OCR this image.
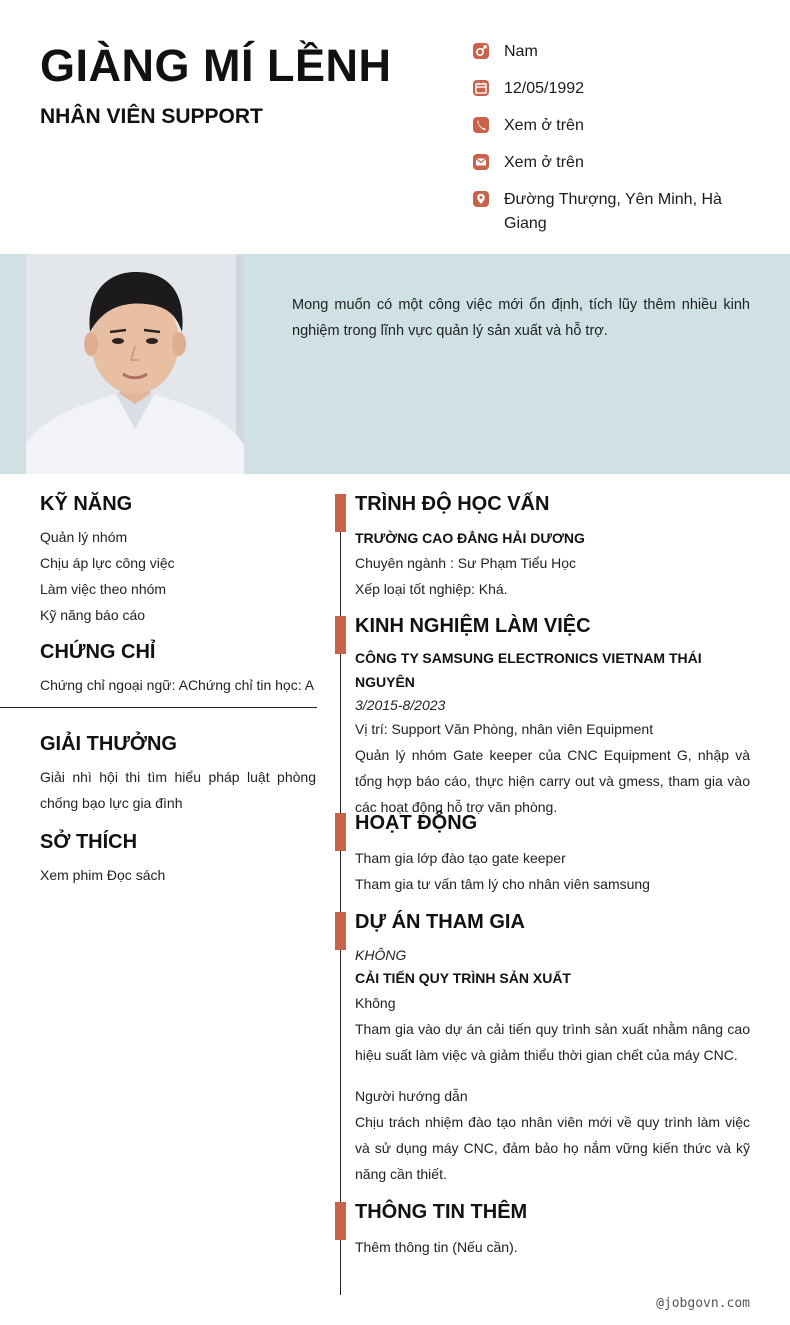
GIÀNG MÍ LỀNH
NHÂN VIÊN SUPPORT
Nam
12/05/1992
Xem ở trên
Xem ở trên
Đường Thượng, Yên Minh, Hà Giang
Mong muốn có một công việc mới ổn định, tích lũy thêm nhiều kinh nghiệm trong lĩnh vực quản lý sản xuất và hỗ trợ.
KỸ NĂNG
Quản lý nhóm
Chịu áp lực công việc
Làm việc theo nhóm
Kỹ năng báo cáo
CHỨNG CHỈ
Chứng chỉ ngoại ngữ: AChứng chỉ tin học: A
GIẢI THƯỞNG
Giải nhì hội thi tìm hiểu pháp luật phòng chống bạo lực gia đình
SỞ THÍCH
Xem phim Đọc sách
TRÌNH ĐỘ HỌC VẤN
TRƯỜNG CAO ĐẲNG HẢI DƯƠNG
Chuyên ngành : Sư Phạm Tiểu Học
Xếp loại tốt nghiệp: Khá.
KINH NGHIỆM LÀM VIỆC
CÔNG TY SAMSUNG ELECTRONICS VIETNAM THÁI NGUYÊN
3/2015-8/2023
Vị trí: Support Văn Phòng, nhân viên Equipment
Quản lý nhóm Gate keeper của CNC Equipment G, nhập và tổng hợp báo cáo, thực hiện carry out và gmess, tham gia vào các hoạt động hỗ trợ văn phòng.
HOẠT ĐỘNG
Tham gia lớp đào tạo gate keeper
Tham gia tư vấn tâm lý cho nhân viên samsung
DỰ ÁN THAM GIA
KHÔNG
CẢI TIẾN QUY TRÌNH SẢN XUẤT
Không
Tham gia vào dự án cải tiến quy trình sản xuất nhằm nâng cao hiệu suất làm việc và giảm thiểu thời gian chết của máy CNC.
Người hướng dẫn
Chịu trách nhiệm đào tạo nhân viên mới về quy trình làm việc và sử dụng máy CNC, đảm bảo họ nắm vững kiến thức và kỹ năng cần thiết.
THÔNG TIN THÊM
Thêm thông tin (Nếu cần).
@jobgovn.com
